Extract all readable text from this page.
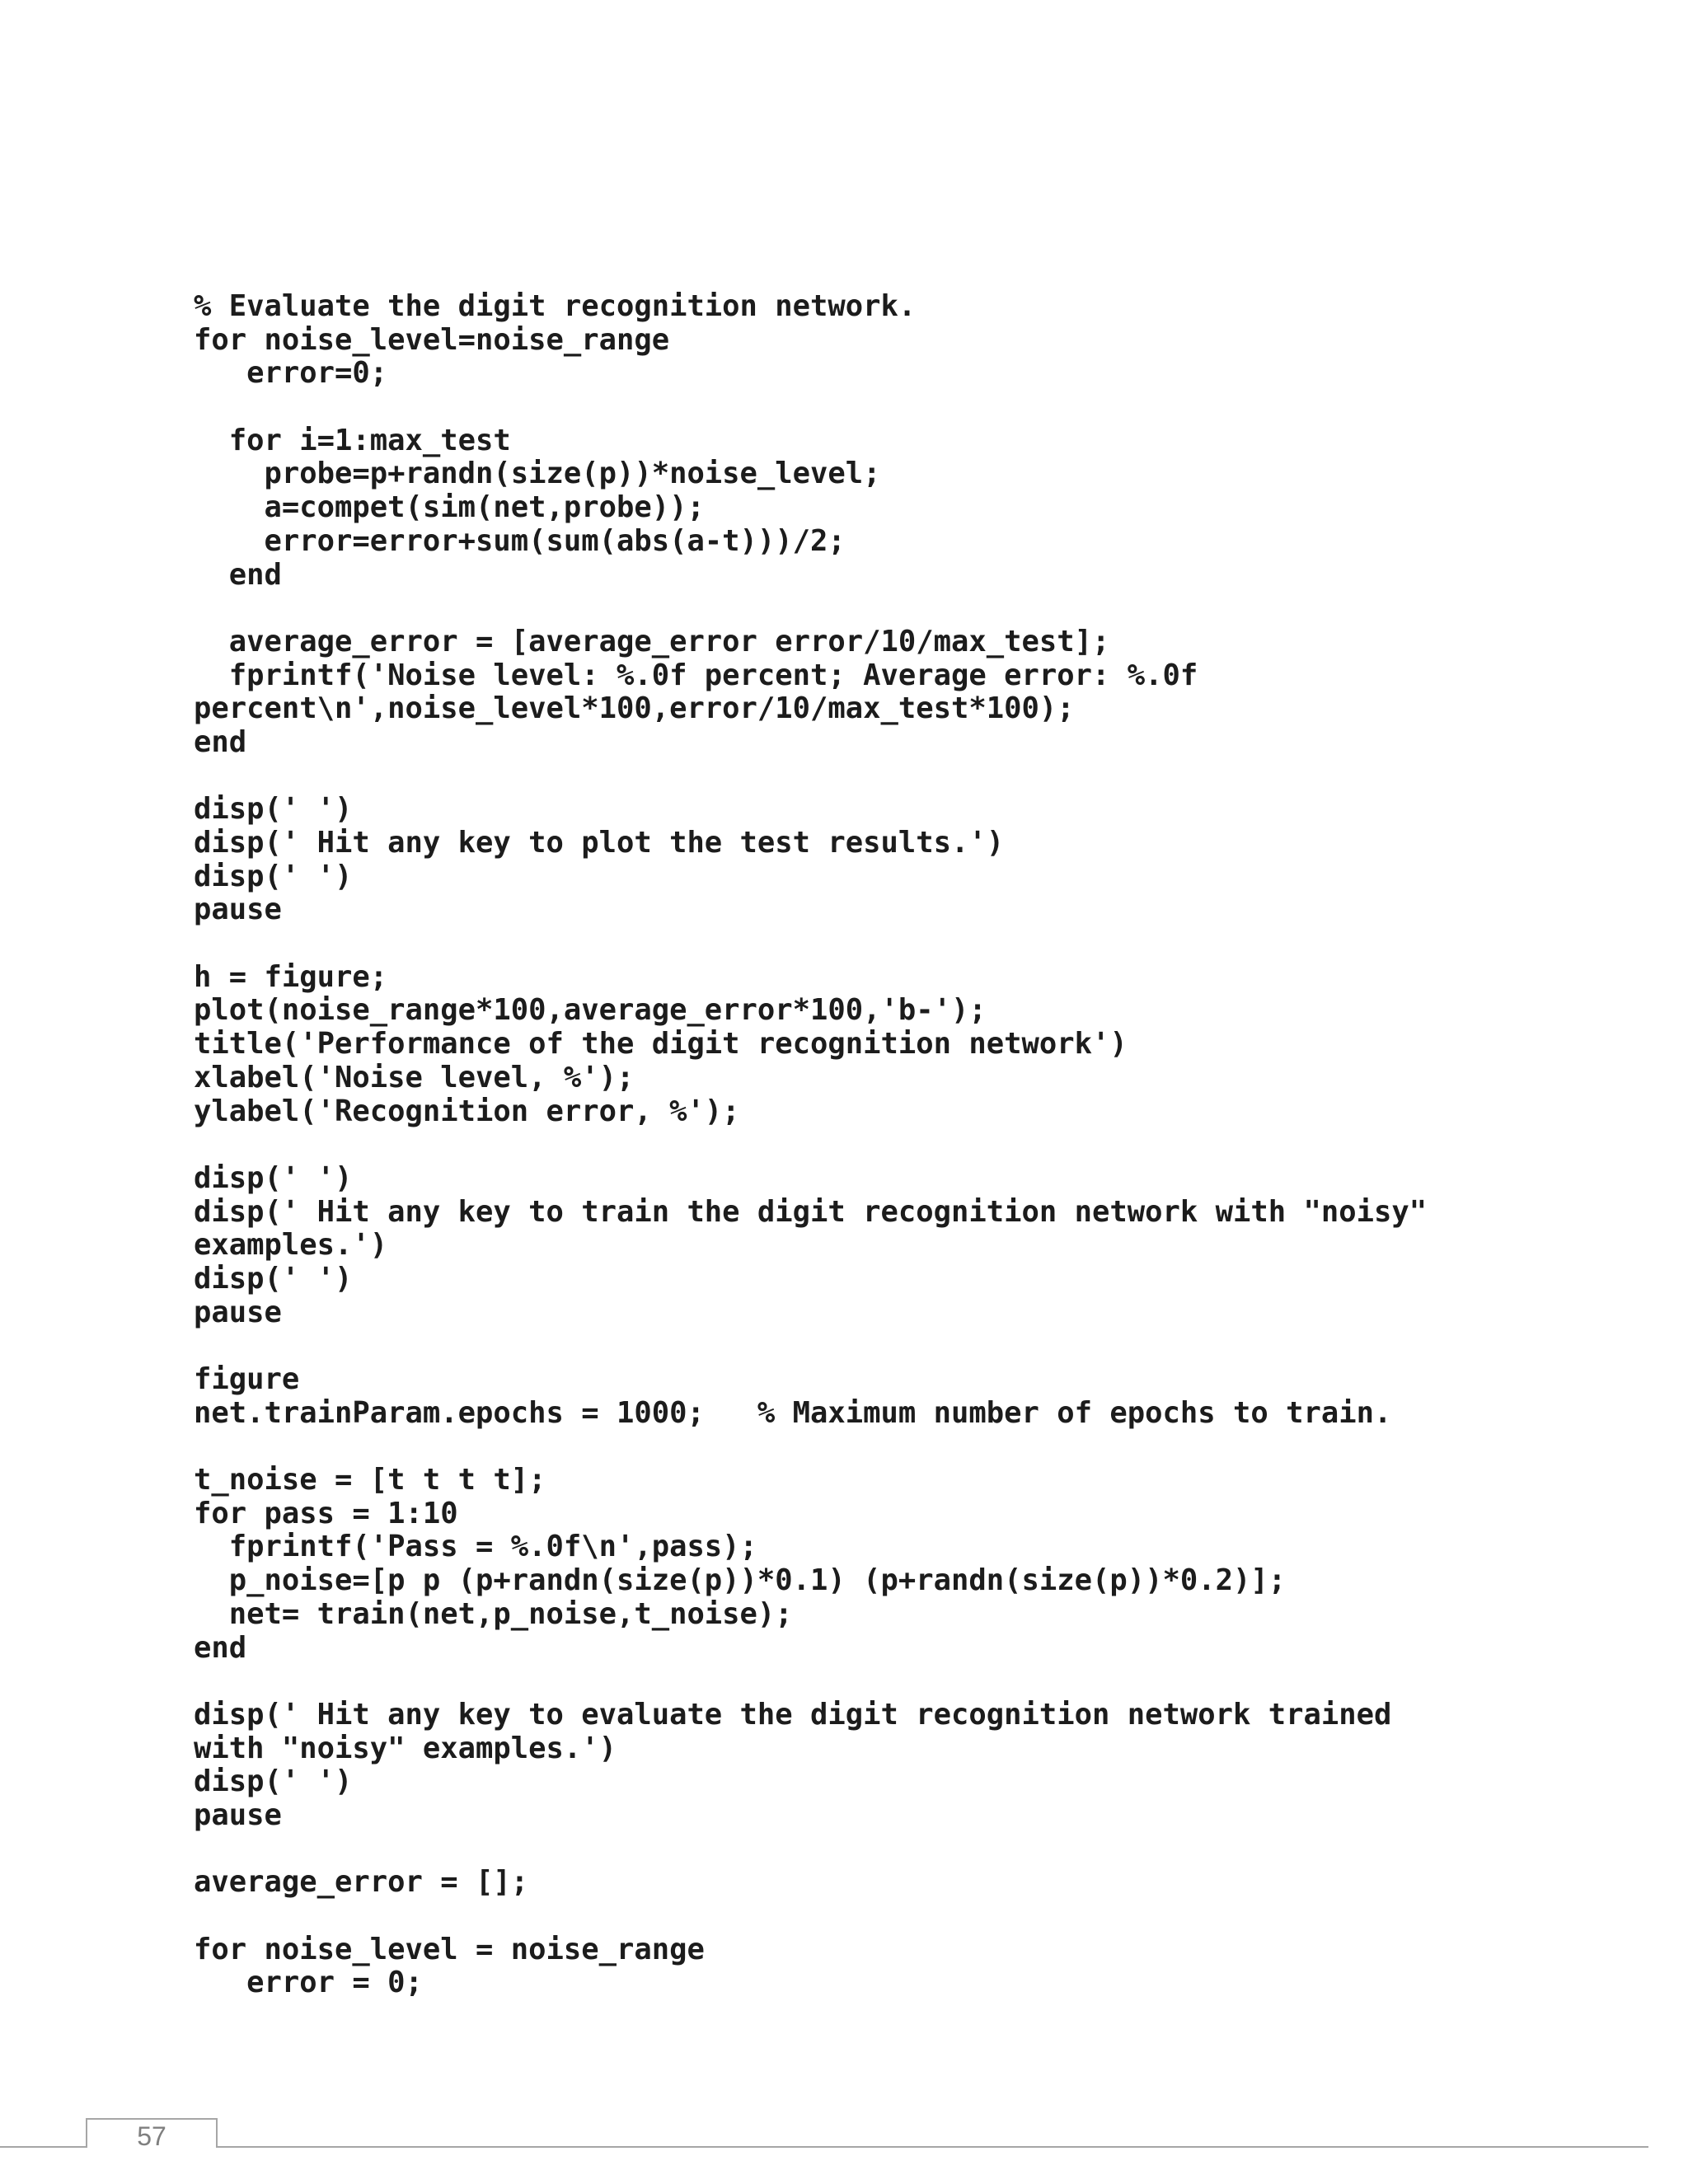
% Evaluate the digit recognition network.
for noise_level=noise_range
error=0;
for i=1:max_test
probe=p+randn(size(p))*noise_level;
a=compet(sim(net,probe));
error=error+sum(sum(abs(a-t)))/2;
end
average_error = [average_error error/10/max_test];
fprintf('Noise level: %.0f percent; Average error: %.0f
percent\n',noise_level*100,error/10/max_test*100);
end
disp(' ')
disp(' Hit any key to plot the test results.')
disp(' ')
pause
h = figure;
plot(noise_range*100,average_error*100,'b-');
title('Performance of the digit recognition network')
xlabel('Noise level, %');
ylabel('Recognition error, %');
disp(' ')
disp(' Hit any key to train the digit recognition network with "noisy"
examples.')
disp(' ')
pause
figure
net.trainParam.epochs = 1000;   % Maximum number of epochs to train.
t_noise = [t t t t];
for pass = 1:10
fprintf('Pass = %.0f\n',pass);
p_noise=[p p (p+randn(size(p))*0.1) (p+randn(size(p))*0.2)];
net= train(net,p_noise,t_noise);
end
disp(' Hit any key to evaluate the digit recognition network trained
with "noisy" examples.')
disp(' ')
pause
average_error = [];
for noise_level = noise_range
error = 0;
57
